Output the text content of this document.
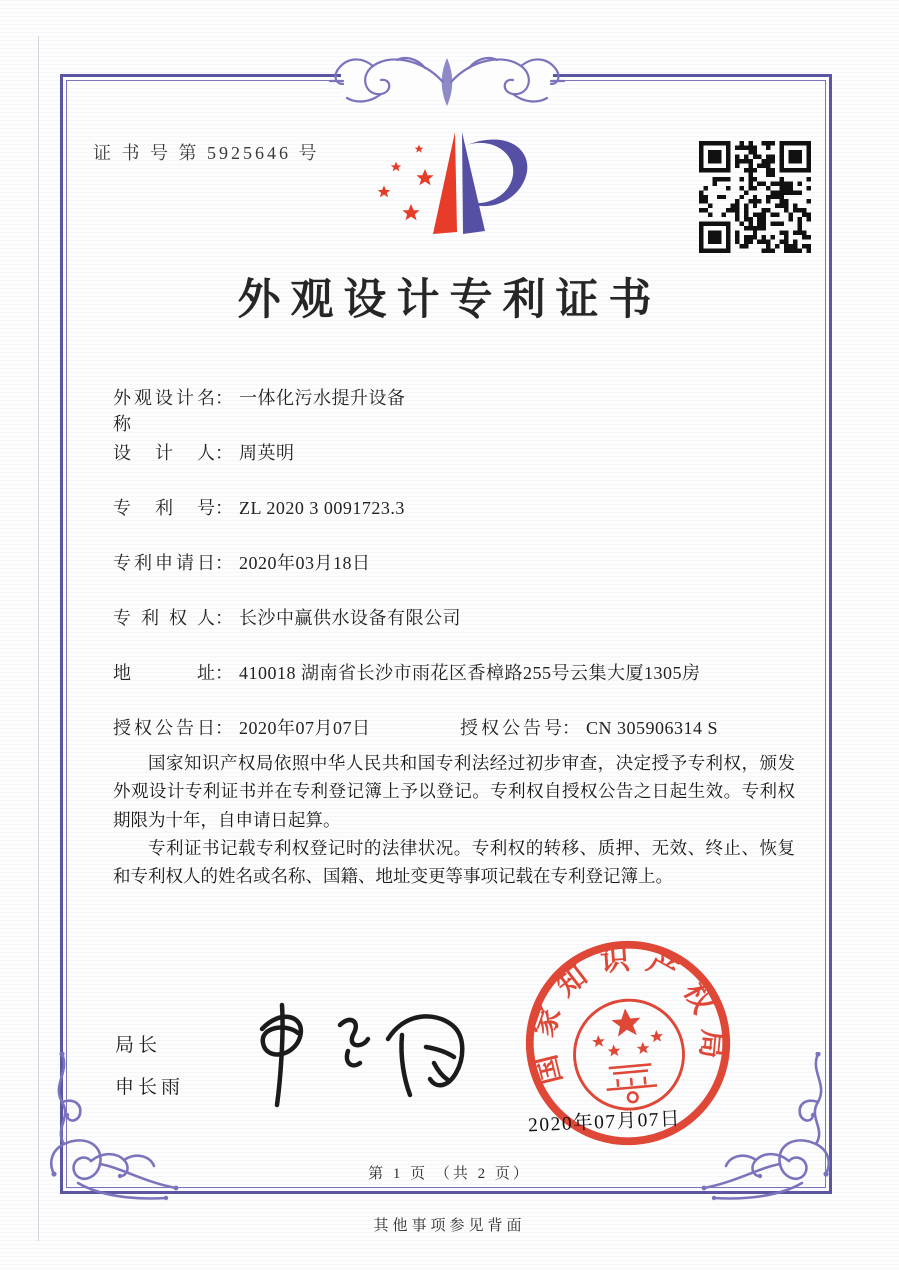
证 书 号 第 5925646 号
外观设计专利证书
外观设计名称： 一体化污水提升设备
设计人： 周英明
专利号： ZL 2020 3 0091723.3
专利申请日： 2020年03月18日
专利权人： 长沙中赢供水设备有限公司
地址： 410018 湖南省长沙市雨花区香樟路255号云集大厦1305房
授权公告日： 2020年07月07日	授权公告号： CN 305906314 S

国家知识产权局依照中华人民共和国专利法经过初步审查，决定授予专利权，颁发外观设计专利证书并在专利登记簿上予以登记。专利权自授权公告之日起生效。专利权期限为十年，自申请日起算。

专利证书记载专利权登记时的法律状况。专利权的转移、质押、无效、终止、恢复和专利权人的姓名或名称、国籍、地址变更等事项记载在专利登记簿上。

局长
申长雨	国家知识产权局
2020年07月07日
第 1 页 （共 2 页）
其他事项参见背面
